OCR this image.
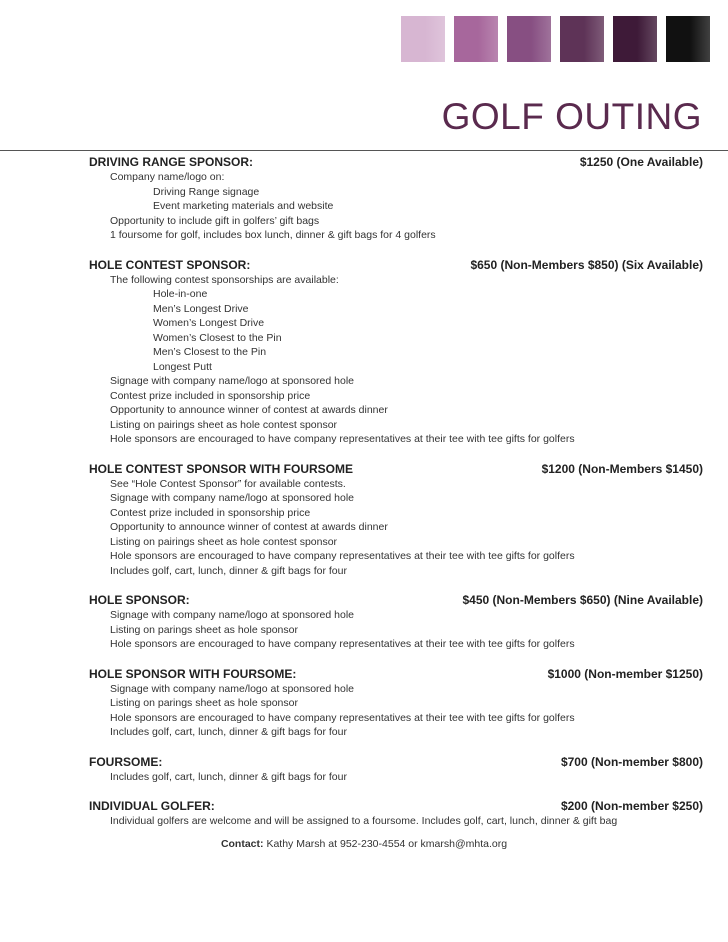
GOLF OUTING
DRIVING RANGE SPONSOR:	$1250 (One Available)
Company name/logo on:
Driving Range signage
Event marketing materials and website
Opportunity to include gift in golfers’ gift bags
1 foursome for golf, includes box lunch, dinner & gift bags for 4 golfers
HOLE CONTEST SPONSOR:	$650 (Non-Members $850) (Six Available)
The following contest sponsorships are available:
Hole-in-one
Men’s Longest Drive
Women’s Longest Drive
Women’s Closest to the Pin
Men’s Closest to the Pin
Longest Putt
Signage with company name/logo at sponsored hole
Contest prize included in sponsorship price
Opportunity to announce winner of contest at awards dinner
Listing on pairings sheet as hole contest sponsor
Hole sponsors are encouraged to have company representatives at their tee with tee gifts for golfers
HOLE CONTEST SPONSOR WITH FOURSOME	$1200 (Non-Members $1450)
See “Hole Contest Sponsor” for available contests.
Signage with company name/logo at sponsored hole
Contest prize included in sponsorship price
Opportunity to announce winner of contest at awards dinner
Listing on pairings sheet as hole contest sponsor
Hole sponsors are encouraged to have company representatives at their tee with tee gifts for golfers
Includes golf, cart, lunch, dinner & gift bags for four
HOLE SPONSOR:	$450 (Non-Members $650) (Nine Available)
Signage with company name/logo at sponsored hole
Listing on parings sheet as hole sponsor
Hole sponsors are encouraged to have company representatives at their tee with tee gifts for golfers
HOLE SPONSOR WITH FOURSOME:	$1000 (Non-member $1250)
Signage with company name/logo at sponsored hole
Listing on parings sheet as hole sponsor
Hole sponsors are encouraged to have company representatives at their tee with tee gifts for golfers
Includes golf, cart, lunch, dinner & gift bags for four
FOURSOME:	$700 (Non-member $800)
Includes golf, cart, lunch, dinner & gift bags for four
INDIVIDUAL GOLFER:	$200 (Non-member $250)
Individual golfers are welcome and will be assigned to a foursome. Includes golf, cart, lunch, dinner & gift bag
Contact: Kathy Marsh at 952-230-4554 or kmarsh@mhta.org
